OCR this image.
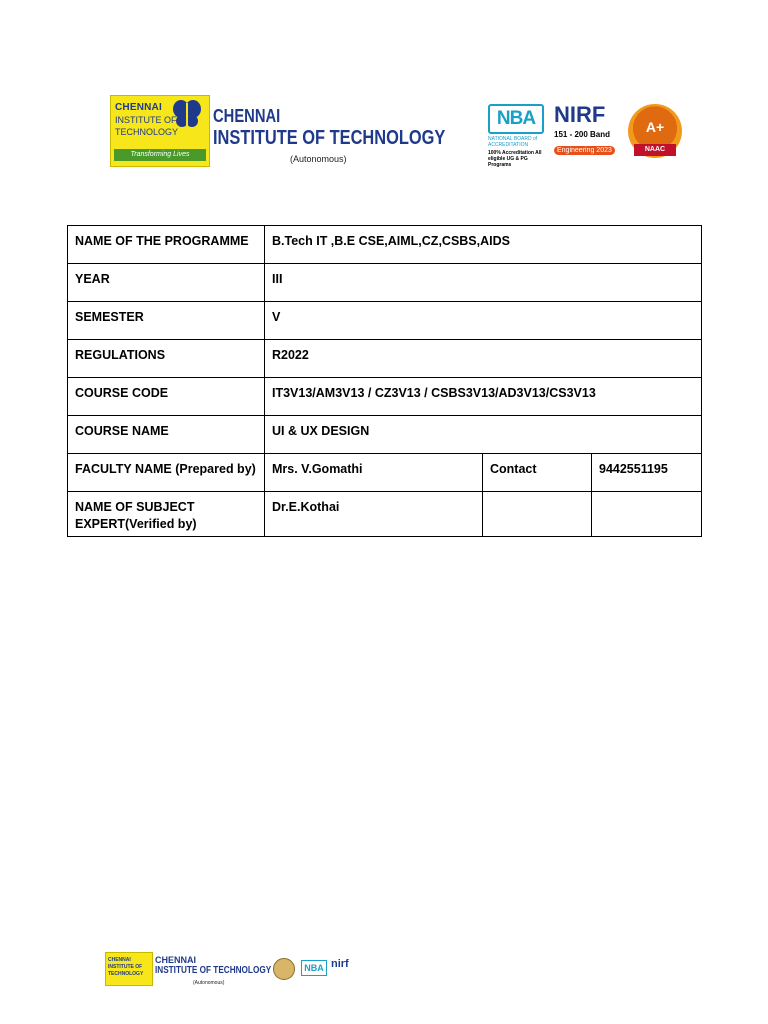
CHENNAI
INSTITUTE OF
TECHNOLOGY
Transforming Lives
CHENNAI
INSTITUTE OF TECHNOLOGY
(Autonomous)
NBA
NATIONAL BOARD of ACCREDITATION
100% Accreditation All eligible UG & PG Programs
NIRF
151 - 200 Band
Engineering 2023
A+
NAAC
NAME OF THE PROGRAMME	B.Tech IT ,B.E CSE,AIML,CZ,CSBS,AIDS		
YEAR	III		
SEMESTER	V		
REGULATIONS	R2022		
COURSE CODE	IT3V13/AM3V13 / CZ3V13 / CSBS3V13/AD3V13/CS3V13		
COURSE NAME	UI & UX DESIGN		
FACULTY NAME (Prepared by)	Mrs. V.Gomathi	Contact	9442551195
NAME OF SUBJECT EXPERT(Verified by)	Dr.E.Kothai		
CHENNAI
INSTITUTE OF
TECHNOLOGY
CHENNAI
INSTITUTE OF TECHNOLOGY
(Autonomous)
NBA nirf
